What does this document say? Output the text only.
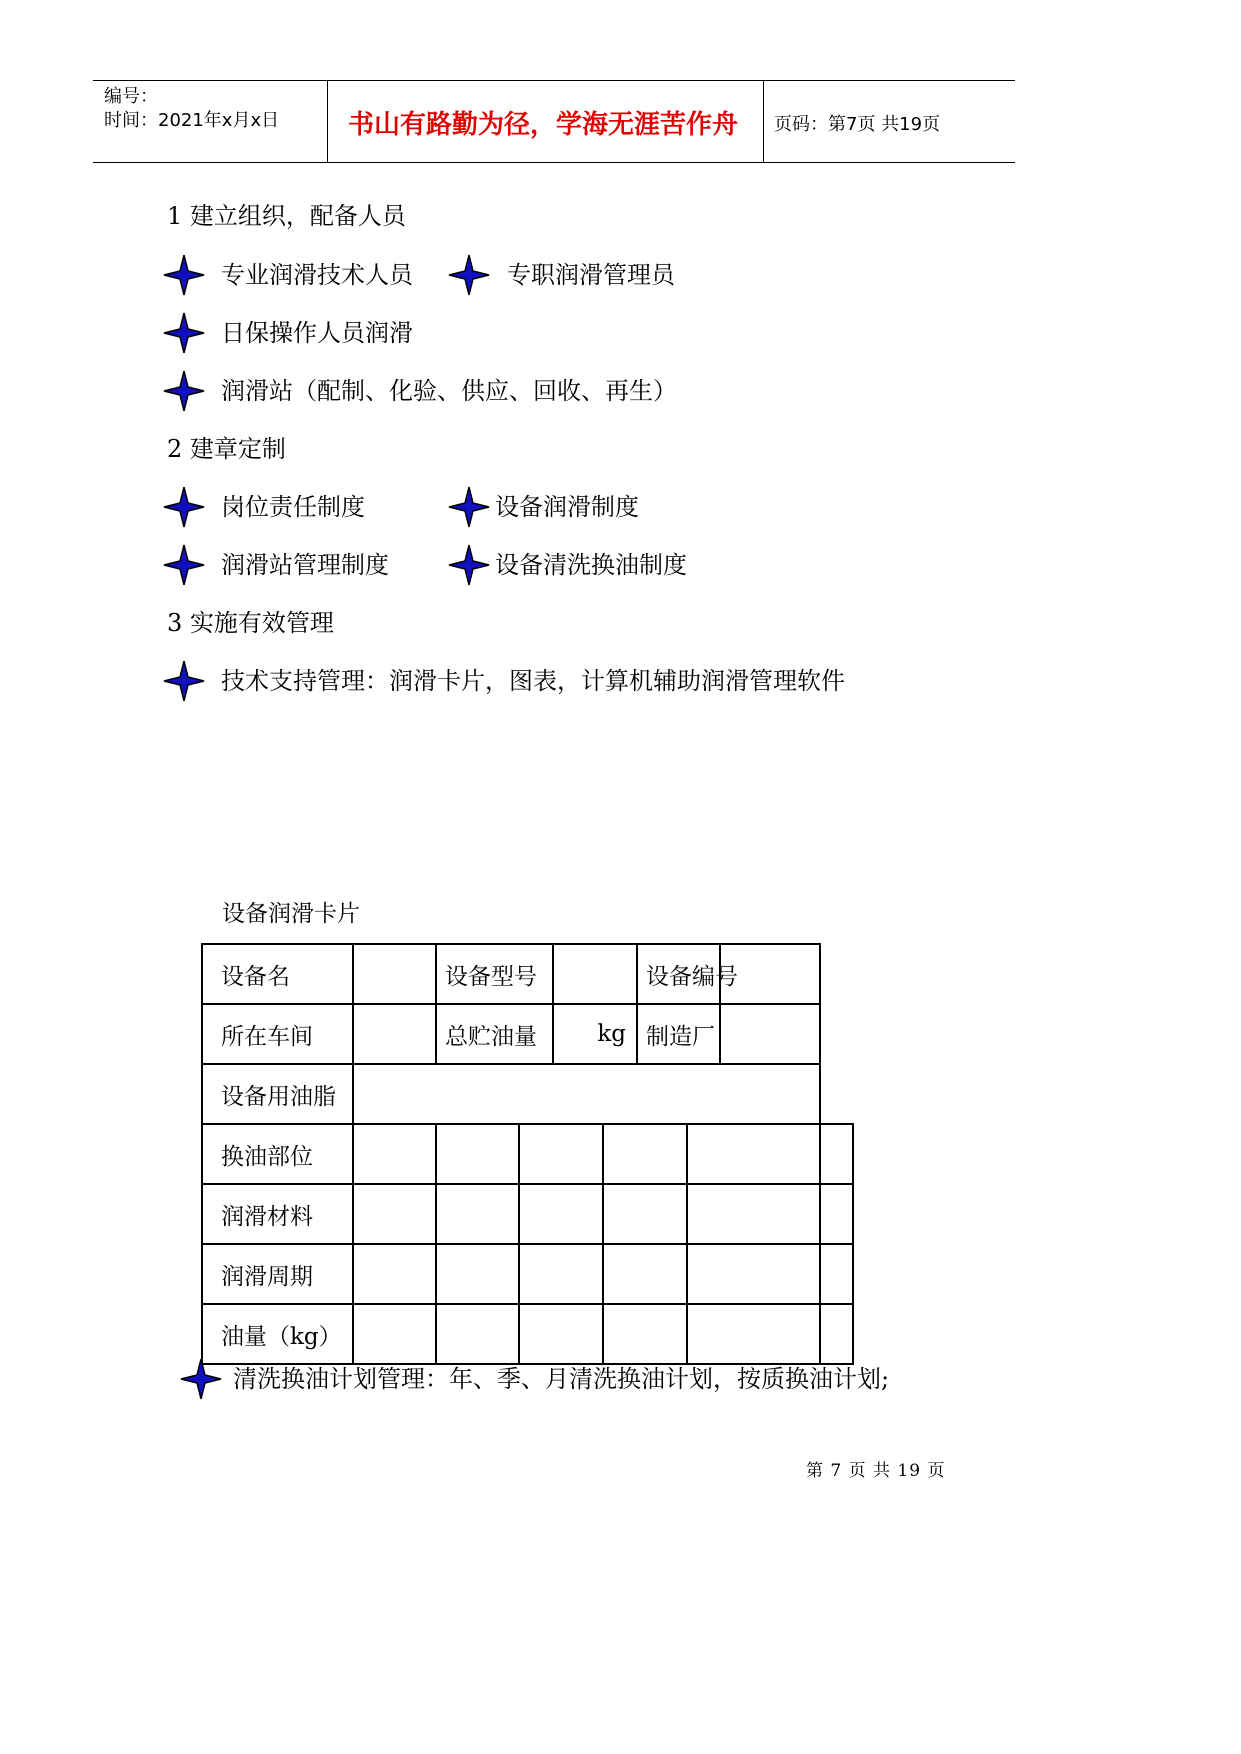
编号：
时间：2021年x月x日	书山有路勤为径，学海无涯苦作舟 页码：第7页 共19页
1 建立组织，配备人员
专业润滑技术人员	专职润滑管理员
日保操作人员润滑
润滑站（配制、化验、供应、回收、再生）
2 建章定制
岗位责任制度	设备润滑制度
润滑站管理制度	设备清洗换油制度
3 实施有效管理
技术支持管理：润滑卡片，图表，计算机辅助润滑管理软件
设备润滑卡片
设备名		设备型号				设备编号			
所在车间		总贮油量		kg		制造厂			
设备用油脂									
换油部位									
润滑材料									
润滑周期									
油量（kg）									
清洗换油计划管理：年、季、月清洗换油计划，按质换油计划;
第 7 页 共 19 页
